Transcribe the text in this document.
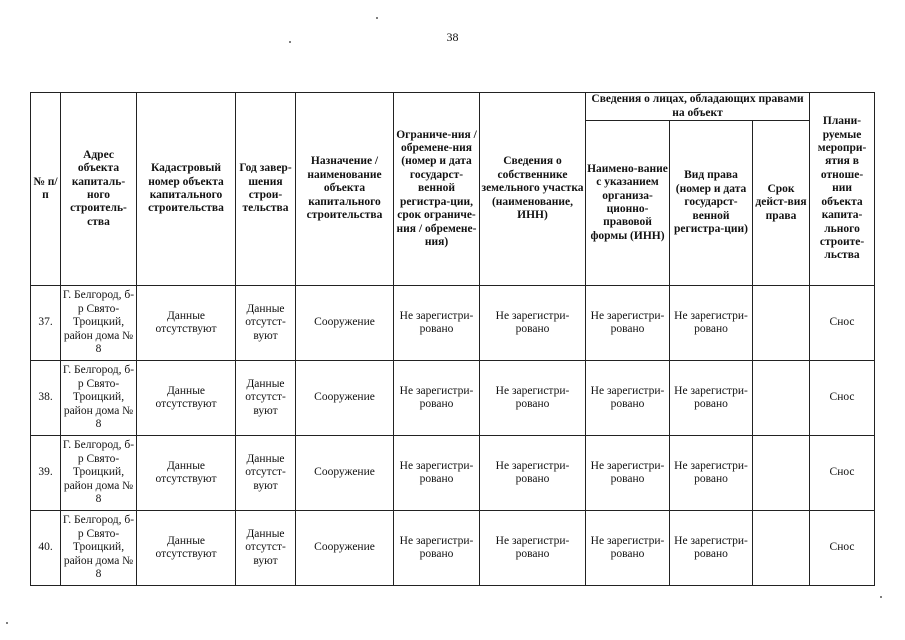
38
№ п/п	Адрес объекта капиталь-ного строитель-ства	Кадастровый номер объекта капитального строительства	Год завер-шения строи-тельства	Назначение / наименование объекта капитального строительства	Ограниче-ния / обремене-ния (номер и дата государст-венной регистра-ции, срок ограниче-ния / обремене-ния)	Сведения о собственнике земельного участка (наименование, ИНН)	Сведения о лицах, обладающих правами на объект			Плани-руемые меропри-ятия в отноше-нии объекта капита-льного строите-льства
							Наимено-вание с указанием организа-ционно-правовой формы (ИНН)	Вид права (номер и дата государст-венной регистра-ции)	Срок дейст-вия права	
37.	Г. Белгород, б-р Свято-Троицкий, район дома № 8	Данные отсутствуют	Данные отсутст-вуют	Сооружение	Не зарегистри-ровано	Не зарегистри-ровано	Не зарегистри-ровано	Не зарегистри-ровано		Снос
38.	Г. Белгород, б-р Свято-Троицкий, район дома № 8	Данные отсутствуют	Данные отсутст-вуют	Сооружение	Не зарегистри-ровано	Не зарегистри-ровано	Не зарегистри-ровано	Не зарегистри-ровано		Снос
39.	Г. Белгород, б-р Свято-Троицкий, район дома № 8	Данные отсутствуют	Данные отсутст-вуют	Сооружение	Не зарегистри-ровано	Не зарегистри-ровано	Не зарегистри-ровано	Не зарегистри-ровано		Снос
40.	Г. Белгород, б-р Свято-Троицкий, район дома № 8	Данные отсутствуют	Данные отсутст-вуют	Сооружение	Не зарегистри-ровано	Не зарегистри-ровано	Не зарегистри-ровано	Не зарегистри-ровано		Снос
